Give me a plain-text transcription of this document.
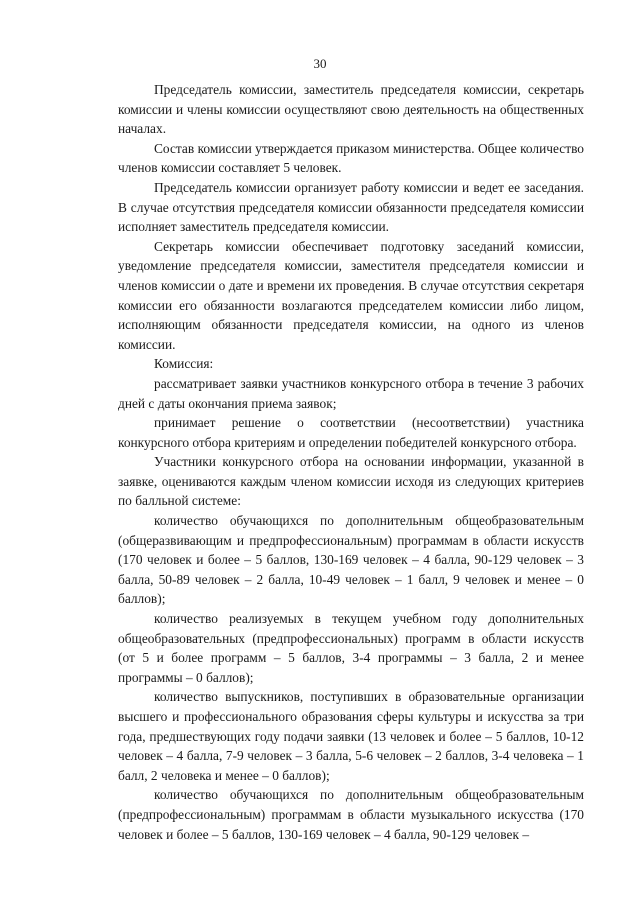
30

Председатель комиссии, заместитель председателя комиссии, секретарь комиссии и члены комиссии осуществляют свою деятельность на общественных началах.

Состав комиссии утверждается приказом министерства. Общее количество членов комиссии составляет 5 человек.

Председатель комиссии организует работу комиссии и ведет ее заседания. В случае отсутствия председателя комиссии обязанности председателя комиссии исполняет заместитель председателя комиссии.

Секретарь комиссии обеспечивает подготовку заседаний комиссии, уведомление председателя комиссии, заместителя председателя комиссии и членов комиссии о дате и времени их проведения. В случае отсутствия секретаря комиссии его обязанности возлагаются председателем комиссии либо лицом, исполняющим обязанности председателя комиссии, на одного из членов комиссии.

Комиссия:

рассматривает заявки участников конкурсного отбора в течение 3 рабочих дней с даты окончания приема заявок;

принимает решение о соответствии (несоответствии) участника конкурсного отбора критериям и определении победителей конкурсного отбора.

Участники конкурсного отбора на основании информации, указанной в заявке, оцениваются каждым членом комиссии исходя из следующих критериев по балльной системе:

количество обучающихся по дополнительным общеобразовательным (общеразвивающим и предпрофессиональным) программам в области искусств (170 человек и более – 5 баллов, 130-169 человек – 4 балла, 90-129 человек – 3 балла, 50-89 человек – 2 балла, 10-49 человек – 1 балл, 9 человек и менее – 0 баллов);

количество реализуемых в текущем учебном году дополнительных общеобразовательных (предпрофессиональных) программ в области искусств (от 5 и более программ – 5 баллов, 3-4 программы – 3 балла, 2 и менее программы – 0 баллов);

количество выпускников, поступивших в образовательные организации высшего и профессионального образования сферы культуры и искусства за три года, предшествующих году подачи заявки (13 человек и более – 5 баллов, 10-12 человек – 4 балла, 7-9 человек – 3 балла, 5-6 человек – 2 баллов, 3-4 человека – 1 балл, 2 человека и менее – 0 баллов);

количество обучающихся по дополнительным общеобразовательным (предпрофессиональным) программам в области музыкального искусства (170 человек и более – 5 баллов, 130-169 человек – 4 балла, 90-129 человек –
